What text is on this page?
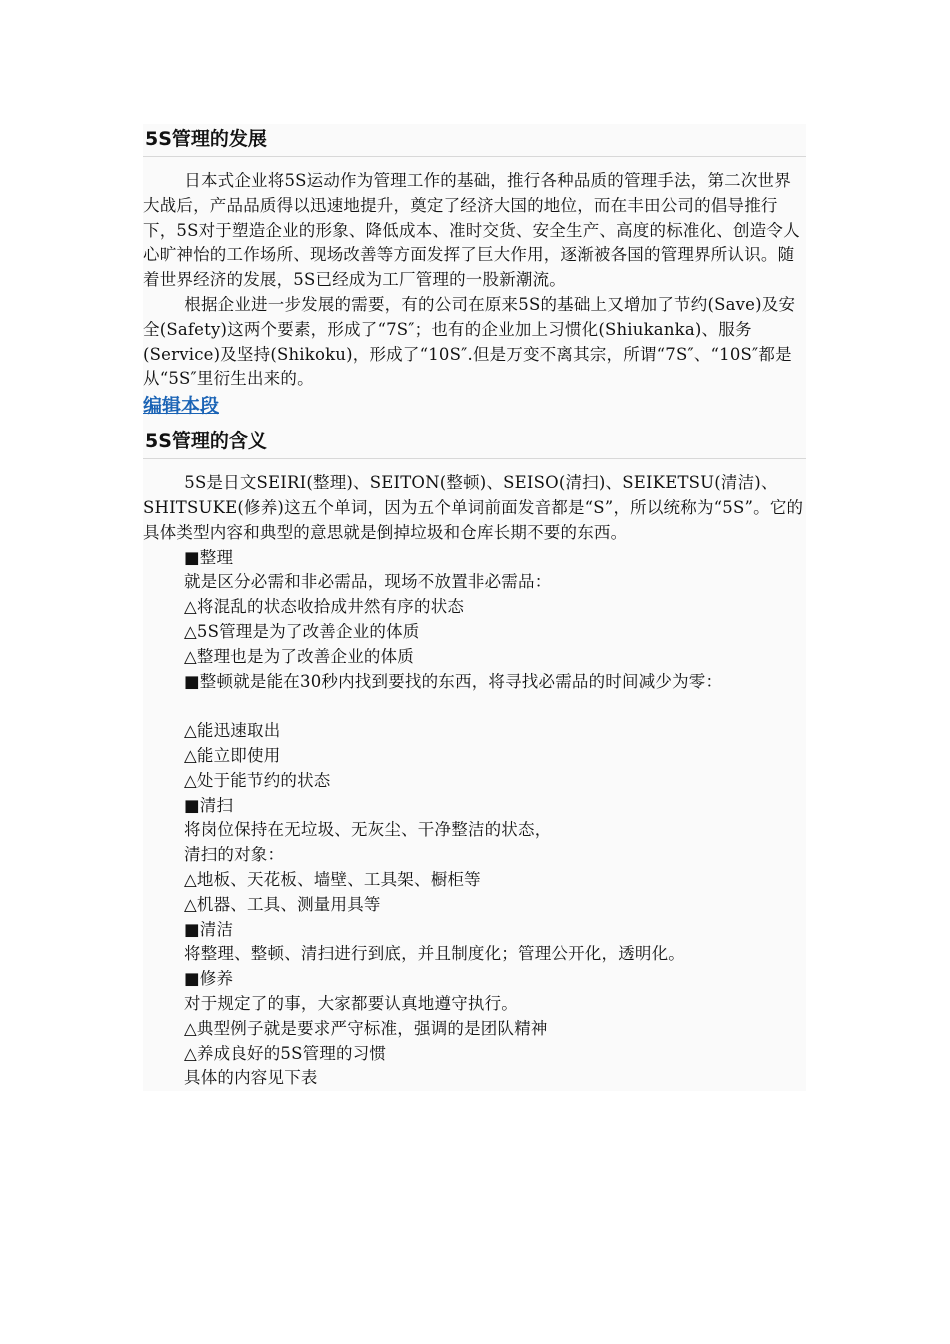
5S管理的发展

日本式企业将5S运动作为管理工作的基础，推行各种品质的管理手法，第二次世界大战后，产品品质得以迅速地提升，奠定了经济大国的地位，而在丰田公司的倡导推行下，5S对于塑造企业的形象、降低成本、准时交货、安全生产、高度的标准化、创造令人心旷神怡的工作场所、现场改善等方面发挥了巨大作用，逐渐被各国的管理界所认识。随着世界经济的发展，5S已经成为工厂管理的一股新潮流。

根据企业进一步发展的需要，有的公司在原来5S的基础上又增加了节约(Save)及安全(Safety)这两个要素，形成了“7S″；也有的企业加上习惯化(Shiukanka)、服务(Service)及坚持(Shikoku)，形成了“10S″.但是万变不离其宗，所谓“7S″、“10S″都是从“5S″里衍生出来的。

编辑本段
5S管理的含义

5S是日文SEIRI(整理)、SEITON(整顿)、SEISO(清扫)、SEIKETSU(清洁)、SHITSUKE(修养)这五个单词，因为五个单词前面发音都是“S”，所以统称为“5S”。它的具体类型内容和典型的意思就是倒掉垃圾和仓库长期不要的东西。

■ 整理
就是区分必需和非必需品，现场不放置非必需品：
△ 将混乱的状态收拾成井然有序的状态
△ 5S管理是为了改善企业的体质
△ 整理也是为了改善企业的体质
■ 整顿就是能在30秒内找到要找的东西，将寻找必需品的时间减少为零：
△ 能迅速取出
△ 能立即使用
△ 处于能节约的状态
■ 清扫
将岗位保持在无垃圾、无灰尘、干净整洁的状态，
清扫的对象：
△ 地板、天花板、墙壁、工具架、橱柜等
△ 机器、工具、测量用具等
■ 清洁
将整理、整顿、清扫进行到底，并且制度化；管理公开化，透明化。
■ 修养
对于规定了的事，大家都要认真地遵守执行。
△ 典型例子就是要求严守标准，强调的是团队精神
△ 养成良好的5S管理的习惯
具体的内容见下表
